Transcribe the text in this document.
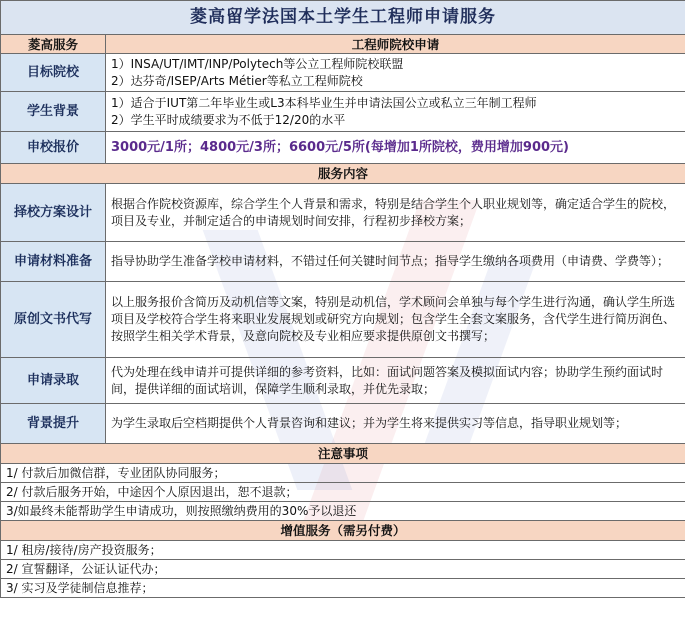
菱高留学法国本土学生工程师申请服务	
菱高服务	工程师院校申请
目标院校	1）INSA/UT/IMT/INP/Polytech等公立工程师院校联盟
2）达芬奇/ISEP/Arts Métier等私立工程师院校

学生背景	1）适合于IUT第二年毕业生或L3本科毕业生并申请法国公立或私立三年制工程师
2）学生平时成绩要求为不低于12/20的水平

申校报价	3000元/1所；4800元/3所；6600元/5所(每增加1所院校，费用增加900元)
服务内容	
择校方案设计	根据合作院校资源库，综合学生个人背景和需求，特别是结合学生个人职业规划等，确定适合学生的院校，项目及专业，并制定适合的申请规划时间安排，行程初步择校方案；
申请材料准备	指导协助学生准备学校申请材料，不错过任何关键时间节点；指导学生缴纳各项费用（申请费、学费等）；
原创文书代写	以上服务报价含简历及动机信等文案，特别是动机信，学术顾问会单独与每个学生进行沟通，确认学生所选项目及学校符合学生将来职业发展规划或研究方向规划；包含学生全套文案服务，含代学生进行简历润色、按照学生相关学术背景，及意向院校及专业相应要求提供原创文书撰写；
申请录取	代为处理在线申请并可提供详细的参考资料，比如：面试问题答案及模拟面试内容；协助学生预约面试时间，提供详细的面试培训，保障学生顺利录取，并优先录取；
背景提升	为学生录取后空档期提供个人背景咨询和建议；并为学生将来提供实习等信息，指导职业规划等；
注意事项	
1/ 付款后加微信群，专业团队协同服务；	
2/ 付款后服务开始，中途因个人原因退出，恕不退款；	
3/如最终未能帮助学生申请成功，则按照缴纳费用的30%予以退还	
增值服务（需另付费）	
1/ 租房/接待/房产投资服务；	
2/ 宣誓翻译，公证认证代办；	
3/ 实习及学徒制信息推荐；	
